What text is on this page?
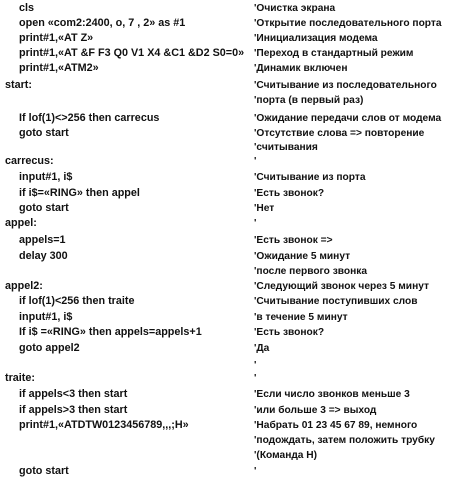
cls	'Очистка экрана
open «com2:2400, o, 7 , 2» as #1	'Открытие последовательного порта
print#1,«AT Z»	'Инициализация модема
print#1,«AT &F F3 Q0 V1 X4 &C1 &D2 S0=0» 'Переход в стандартный режим
print#1,«ATM2»	'Динамик включен
start:	'Считывание из последовательного
'порта (в первый раз)
If lof(1)<>256 then carrecus	'Ожидание передачи слов от модема
goto start	'Отсутствие слова => повторение
'считывания
carrecus:	'
input#1, i$	'Считывание из порта
if i$=«RING» then appel	'Есть звонок?
goto start	'Нет
appel:	'
appels=1	'Есть звонок =>
delay 300	'Ожидание 5 минут
'после первого звонка
appel2:	'Следующий звонок через 5 минут
if lof(1)<256 then traite	'Считывание поступивших слов
input#1, i$	'в течение 5 минут
If i$ =«RING» then appels=appels+1	'Есть звонок?
goto appel2	'Да
'
traite:	'
if appels<3 then start	'Если число звонков меньше 3
if appels>3 then start	'или больше 3 => выход
print#1,«ATDTW0123456789,,,;H»	'Набрать 01 23 45 67 89, немного
'подождать, затем положить трубку
'(Команда H)
goto start	'
